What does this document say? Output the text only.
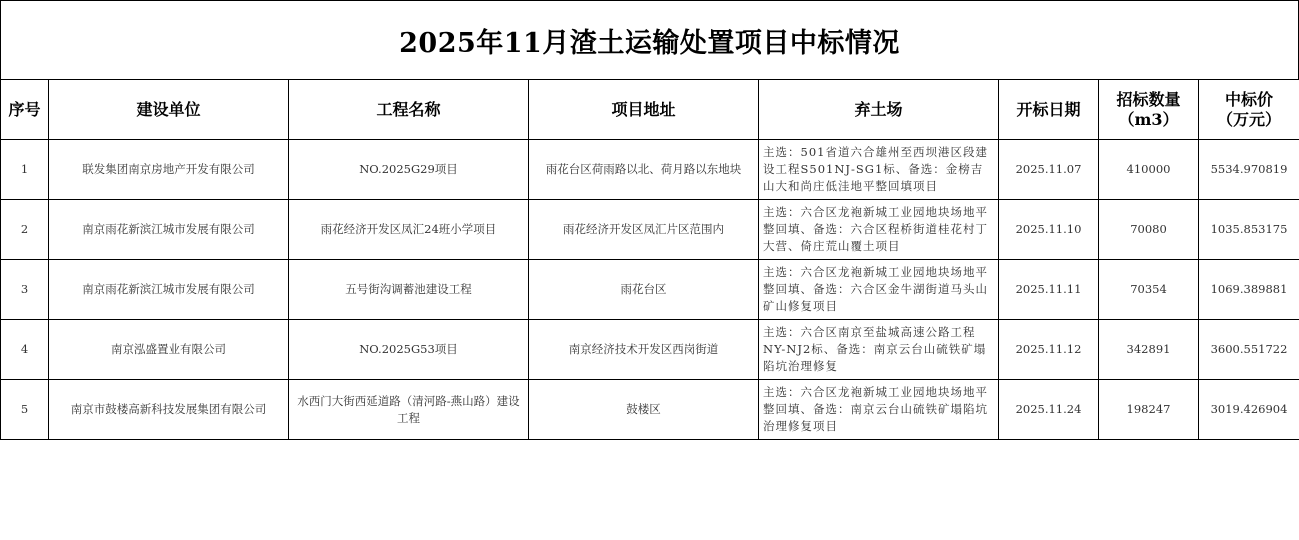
2025年11月渣土运输处置项目中标情况
序号	建设单位	工程名称	项目地址	弃土场	开标日期	招标数量（m3）	中标价（万元）
1	联发集团南京房地产开发有限公司	NO.2025G29项目	雨花台区荷雨路以北、荷月路以东地块	主选：501省道六合雄州至西坝港区段建设工程S501NJ-SG1标、备选：金榜吉山大和尚庄低洼地平整回填项目	2025.11.07	410000	5534.970819
2	南京雨花新滨江城市发展有限公司	雨花经济开发区凤汇24班小学项目	雨花经济开发区凤汇片区范围内	主选：六合区龙袍新城工业园地块场地平整回填、备选：六合区程桥街道桂花村丁大营、倚庄荒山覆土项目	2025.11.10	70080	1035.853175
3	南京雨花新滨江城市发展有限公司	五号街沟调蓄池建设工程	雨花台区	主选：六合区龙袍新城工业园地块场地平整回填、备选：六合区金牛湖街道马头山矿山修复项目	2025.11.11	70354	1069.389881
4	南京泓盛置业有限公司	NO.2025G53项目	南京经济技术开发区西岗街道	主选：六合区南京至盐城高速公路工程NY-NJ2标、备选：南京云台山硫铁矿塌陷坑治理修复	2025.11.12	342891	3600.551722
5	南京市鼓楼高新科技发展集团有限公司	水西门大街西延道路（清河路-燕山路）建设工程	鼓楼区	主选：六合区龙袍新城工业园地块场地平整回填、备选：南京云台山硫铁矿塌陷坑治理修复项目	2025.11.24	198247	3019.426904
